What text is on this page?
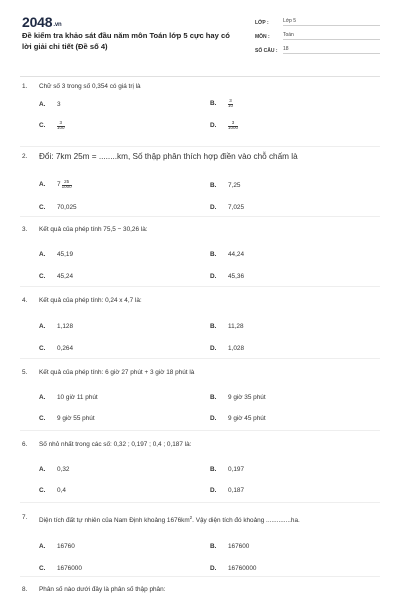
2048.vn
Đề kiểm tra khảo sát đầu năm môn Toán lớp 5 cực hay có lời giải chi tiết (Đề số 4)
LỚP :	Lớp 5
MÔN :	Toán
SỐ CÂU :	18
1.	Chữ số 3 trong số 0,354 có giá trị là
A.	3	B.	$\frac{3}{10}$
C.	$\frac{3}{100}$	D.	$\frac{3}{1000}$
2.	Đổi: 7km 25m = ........km, Số thập phân thích hợp điền vào chỗ chấm là
A.	$7 \frac{25}{1000}$	B.	7,25
C.	70,025	D.	7,025
3.	Kết quả của phép tính 75,5 − 30,26 là:
A.	45,19	B.	44,24
C.	45,24	D.	45,36
4.	Kết quả của phép tính: 0,24 x 4,7 là:
A.	1,128	B.	11,28
C.	0,264	D.	1,028
5.	Kết quả của phép tính: 6 giờ 27 phút + 3 giờ 18 phút là
A.	10 giờ 11 phút	B.	9 giờ 35 phút
C.	9 giờ 55 phút	D.	9 giờ 45 phút
6.	Số nhỏ nhất trong các số: 0,32 ; 0,197 ; 0,4 ; 0,187 là:
A.	0,32	B.	0,197
C.	0,4	D.	0,187
7.	Diện tích đất tự nhiên của Nam Định khoảng $1676km^2$. Vậy diện tích đó khoảng ..............ha.
A.	16760	B.	167600
C.	1676000	D.	16760000
8.	Phân số nào dưới đây là phân số thập phân:
